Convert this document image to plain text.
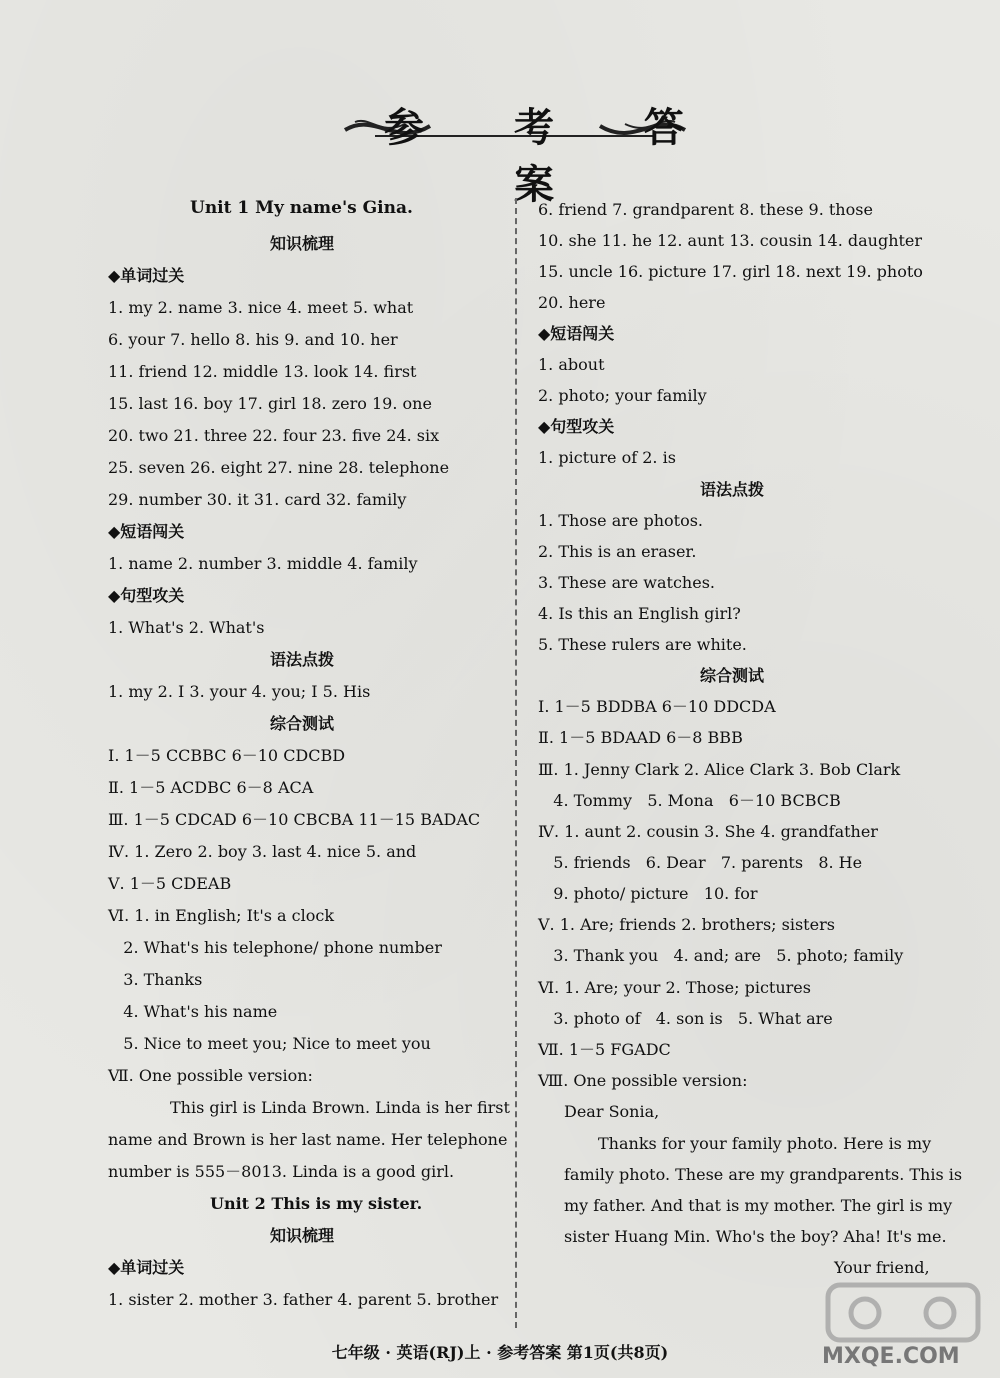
参 考 答 案
Unit 1 My name's Gina.
知识梳理
◆单词过关
1. my 2. name 3. nice 4. meet 5. what
6. your 7. hello 8. his 9. and 10. her
11. friend 12. middle 13. look 14. first
15. last 16. boy 17. girl 18. zero 19. one
20. two 21. three 22. four 23. five 24. six
25. seven 26. eight 27. nine 28. telephone
29. number 30. it 31. card 32. family
◆短语闯关
1. name 2. number 3. middle 4. family
◆句型攻关
1. What's 2. What's
语法点拨
1. my 2. I 3. your 4. you; I 5. His
综合测试
Ⅰ. 1－5 CCBBC 6－10 CDCBD
Ⅱ. 1－5 ACDBC 6－8 ACA
Ⅲ. 1－5 CDCAD 6－10 CBCBA 11－15 BADAC
Ⅳ. 1. Zero 2. boy 3. last 4. nice 5. and
Ⅴ. 1－5 CDEAB
Ⅵ. 1. in English; It's a clock
2. What's his telephone/ phone number
3. Thanks
4. What's his name
5. Nice to meet you; Nice to meet you
Ⅶ. One possible version:
This girl is Linda Brown. Linda is her first
name and Brown is her last name. Her telephone
number is 555－8013. Linda is a good girl.
Unit 2 This is my sister.
知识梳理
◆单词过关
1. sister 2. mother 3. father 4. parent 5. brother
6. friend 7. grandparent 8. these 9. those
10. she 11. he 12. aunt 13. cousin 14. daughter
15. uncle 16. picture 17. girl 18. next 19. photo
20. here
◆短语闯关
1. about
2. photo; your family
◆句型攻关
1. picture of 2. is
语法点拨
1. Those are photos.
2. This is an eraser.
3. These are watches.
4. Is this an English girl?
5. These rulers are white.
综合测试
Ⅰ. 1－5 BDDBA 6－10 DDCDA
Ⅱ. 1－5 BDAAD 6－8 BBB
Ⅲ. 1. Jenny Clark 2. Alice Clark 3. Bob Clark
4. Tommy   5. Mona   6－10 BCBCB
Ⅳ. 1. aunt 2. cousin 3. She 4. grandfather
5. friends   6. Dear   7. parents   8. He
9. photo/ picture   10. for
Ⅴ. 1. Are; friends 2. brothers; sisters
3. Thank you   4. and; are   5. photo; family
Ⅵ. 1. Are; your 2. Those; pictures
3. photo of   4. son is   5. What are
Ⅶ. 1－5 FGADC
Ⅷ. One possible version:
Dear Sonia,
Thanks for your family photo. Here is my
family photo. These are my grandparents. This is
my father. And that is my mother. The girl is my
sister Huang Min. Who's the boy? Aha! It's me.
Your friend,
七年级 · 英语(RJ)上 · 参考答案 第1页(共8页)	MXQE.COM
